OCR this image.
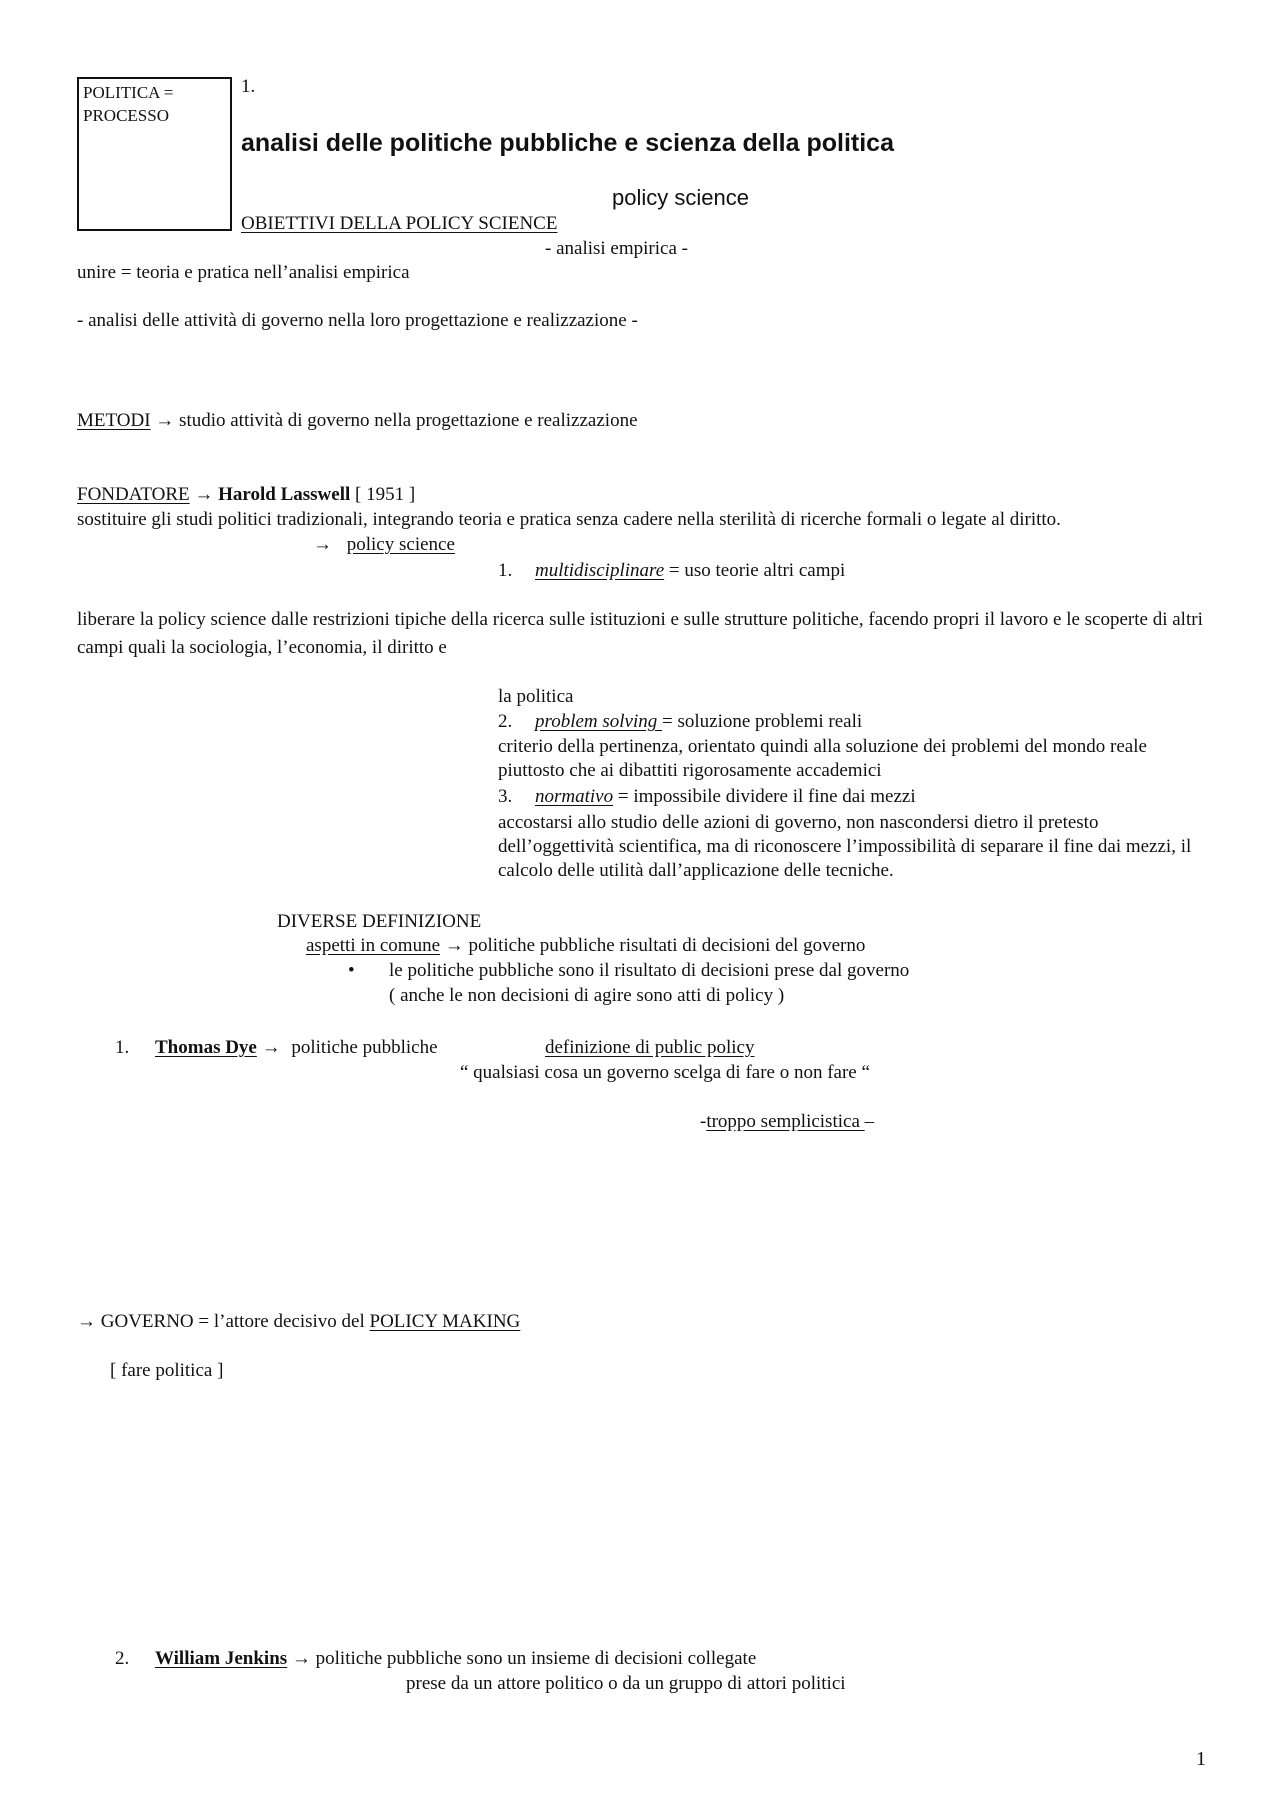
POLITICA =
PROCESSO
1.
analisi delle politiche pubbliche e scienza della politica
policy science
OBIETTIVI DELLA POLICY SCIENCE
- analisi empirica -
unire = teoria e pratica nell’analisi empirica
- analisi delle attività di governo nella loro progettazione e realizzazione -
METODI → studio attività di governo nella progettazione e realizzazione
FONDATORE → Harold Lasswell [ 1951 ]
sostituire gli studi politici tradizionali, integrando teoria e pratica senza cadere nella sterilità di ricerche formali o legate al diritto.
→ policy science
1. multidisciplinare = uso teorie altri campi
liberare la policy science dalle restrizioni tipiche della ricerca sulle istituzioni e sulle strutture politiche, facendo propri il lavoro e le scoperte di altri campi quali la sociologia, l’economia, il diritto e
la politica
2. problem solving = soluzione problemi reali
criterio della pertinenza, orientato quindi alla soluzione dei problemi del mondo reale piuttosto che ai dibattiti rigorosamente accademici
3. normativo = impossibile dividere il fine dai mezzi
accostarsi allo studio delle azioni di governo, non nascondersi dietro il pretesto dell’oggettività scientifica, ma di riconoscere l’impossibilità di separare il fine dai mezzi, il calcolo delle utilità dall’applicazione delle tecniche.
DIVERSE DEFINIZIONE
aspetti in comune → politiche pubbliche risultati di decisioni del governo
• le politiche pubbliche sono il risultato di decisioni prese dal governo
( anche le non decisioni di agire sono atti di policy )
1. Thomas Dye → politiche pubbliche	definizione di public policy
“ qualsiasi cosa un governo scelga di fare o non fare “
-troppo semplicistica –
→ GOVERNO = l’attore decisivo del POLICY MAKING
[ fare politica ]
2. William Jenkins → politiche pubbliche sono un insieme di decisioni collegate
prese da un attore politico o da un gruppo di attori politici
1
